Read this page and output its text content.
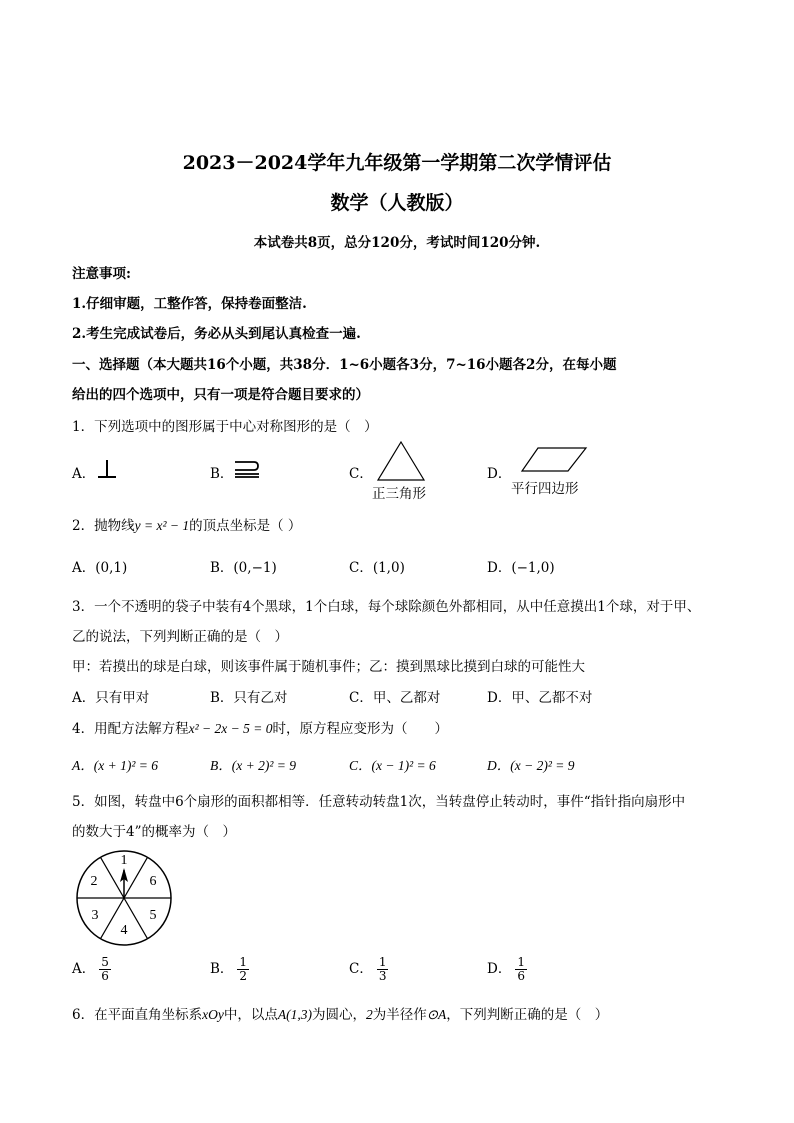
2023－2024学年九年级第一学期第二次学情评估
数学（人教版）
本试卷共8页，总分120分，考试时间120分钟.
注意事项:
1.仔细审题，工整作答，保持卷面整洁.
2.考生完成试卷后，务必从头到尾认真检查一遍.
一、选择题（本大题共16个小题，共38分．1~6小题各3分，7~16小题各2分，在每小题
给出的四个选项中，只有一项是符合题目要求的）
1．下列选项中的图形属于中心对称图形的是（　）
A．	B．	C．
正三角形
D．
平行四边形
2．抛物线y = x² − 1的顶点坐标是（ ）
A．(0,1)	B．(0,−1)	C．(1,0)	D．(−1,0)
3．一个不透明的袋子中装有4个黑球，1个白球，每个球除颜色外都相同，从中任意摸出1个球，对于甲、
乙的说法，下列判断正确的是（　）
甲：若摸出的球是白球，则该事件属于随机事件；乙：摸到黑球比摸到白球的可能性大
A．只有甲对	B．只有乙对	C．甲、乙都对	D．甲、乙都不对
4．用配方法解方程x² − 2x − 5 = 0时，原方程应变形为（　　）
A．(x + 1)² = 6	B．(x + 2)² = 9	C．(x − 1)² = 6	D．(x − 2)² = 9
5．如图，转盘中6个扇形的面积都相等．任意转动转盘1次，当转盘停止转动时，事件“指针指向扇形中
的数大于4”的概率为（　）
1
6
5
4
3
2
A． $\frac{5}{6}$	B． $\frac{1}{2}$	C． $\frac{1}{3}$	D． $\frac{1}{6}$
6．在平面直角坐标系xOy中，以点A(1,3)为圆心，2为半径作⊙A，下列判断正确的是（　）
